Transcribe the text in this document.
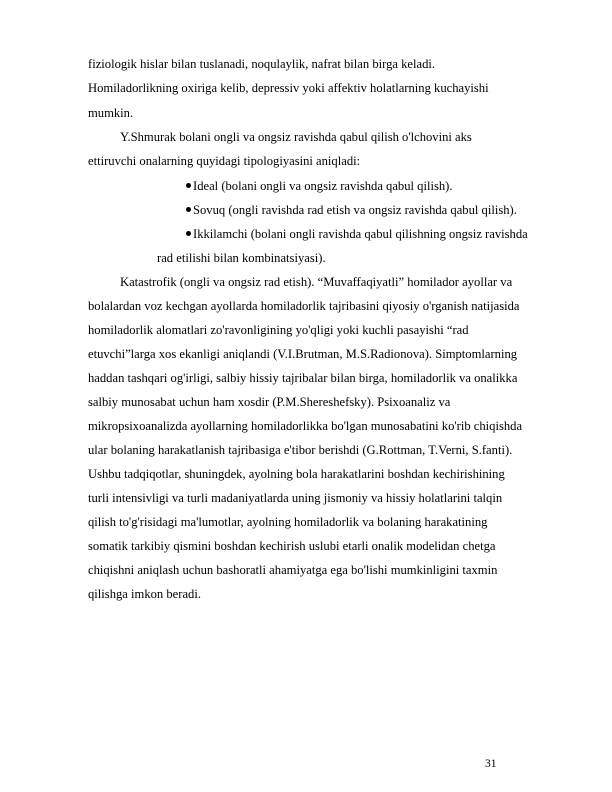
fiziologik hislar bilan tuslanadi, noqulaylik, nafrat bilan birga keladi.
Homiladorlikning oxiriga kelib, depressiv yoki affektiv holatlarning kuchayishi
mumkin.
Y.Shmurak bolani ongli va ongsiz ravishda qabul qilish o'lchovini aks
ettiruvchi onalarning quyidagi tipologiyasini aniqladi:
Ideal (bolani ongli va ongsiz ravishda qabul qilish).
Sovuq (ongli ravishda rad etish va ongsiz ravishda qabul qilish).
Ikkilamchi (bolani ongli ravishda qabul qilishning ongsiz ravishda
rad etilishi bilan kombinatsiyasi).
Katastrofik (ongli va ongsiz rad etish). “Muvaffaqiyatli” homilador ayollar va
bolalardan voz kechgan ayollarda homiladorlik tajribasini qiyosiy o'rganish natijasida
homiladorlik alomatlari zo'ravonligining yo'qligi yoki kuchli pasayishi “rad
etuvchi”larga xos ekanligi aniqlandi (V.I.Brutman, M.S.Radionova). Simptomlarning
haddan tashqari og'irligi, salbiy hissiy tajribalar bilan birga, homiladorlik va onalikka
salbiy munosabat uchun ham xosdir (P.M.Shereshefsky). Psixoanaliz va
mikropsixoanalizda ayollarning homiladorlikka bo'lgan munosabatini ko'rib chiqishda
ular bolaning harakatlanish tajribasiga e'tibor berishdi (G.Rottman, T.Verni, S.fanti).
Ushbu tadqiqotlar, shuningdek, ayolning bola harakatlarini boshdan kechirishining
turli intensivligi va turli madaniyatlarda uning jismoniy va hissiy holatlarini talqin
qilish to'g'risidagi ma'lumotlar, ayolning homiladorlik va bolaning harakatining
somatik tarkibiy qismini boshdan kechirish uslubi etarli onalik modelidan chetga
chiqishni aniqlash uchun bashoratli ahamiyatga ega bo'lishi mumkinligini taxmin
qilishga imkon beradi.
31
